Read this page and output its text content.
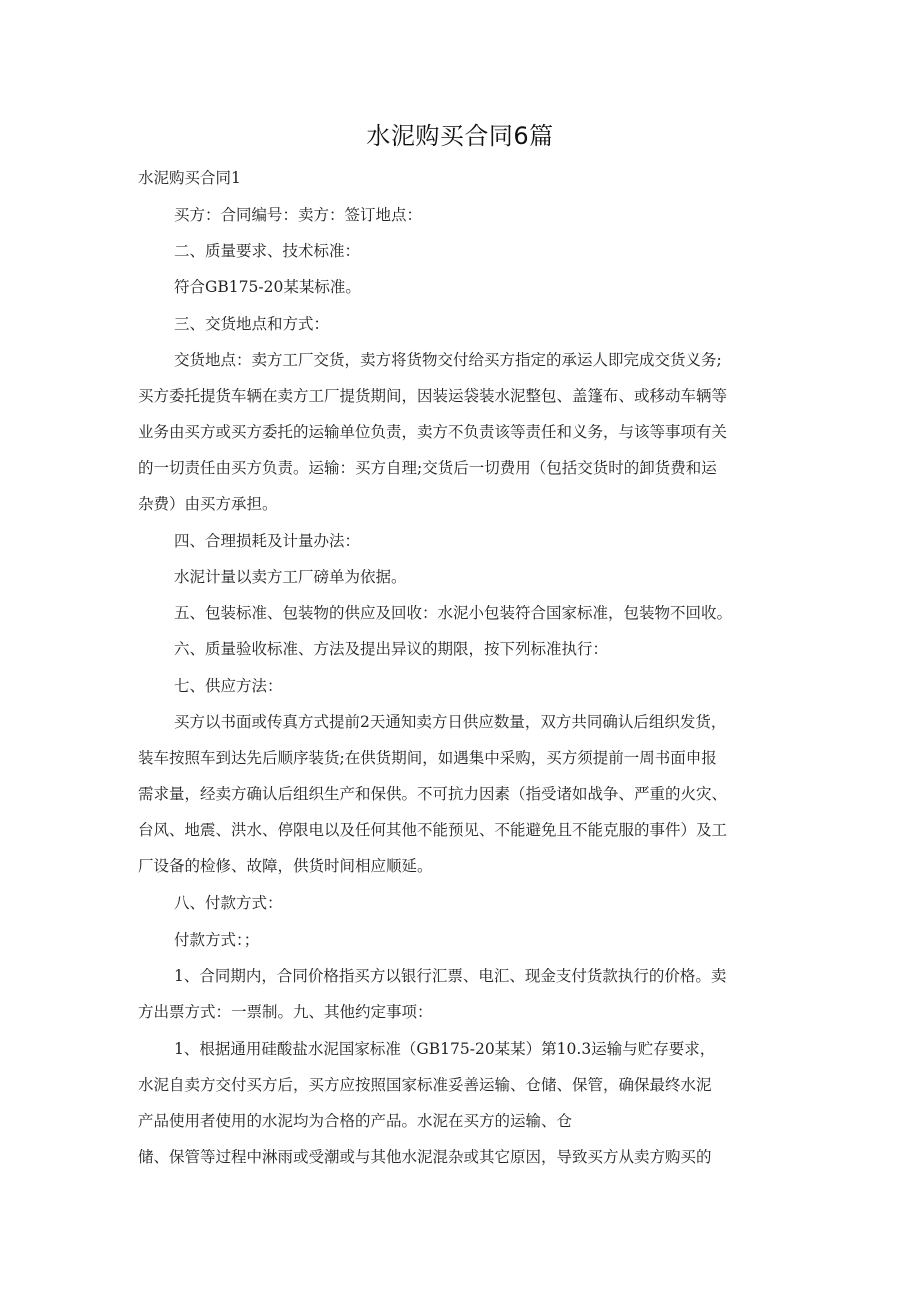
水泥购买合同6篇
水泥购买合同1
买方：合同编号：卖方：签订地点：
二、质量要求、技术标准：
符合GB175-20某某标准。
三、交货地点和方式：
交货地点：卖方工厂交货，卖方将货物交付给买方指定的承运人即完成交货义务;
买方委托提货车辆在卖方工厂提货期间，因装运袋装水泥整包、盖篷布、或移动车辆等
业务由买方或买方委托的运输单位负责，卖方不负责该等责任和义务，与该等事项有关
的一切责任由买方负责。运输：买方自理;交货后一切费用（包括交货时的卸货费和运
杂费）由买方承担。
四、合理损耗及计量办法：
水泥计量以卖方工厂磅单为依据。
五、包装标准、包装物的供应及回收：水泥小包装符合国家标准，包装物不回收。
六、质量验收标准、方法及提出异议的期限，按下列标准执行：
七、供应方法：
买方以书面或传真方式提前2天通知卖方日供应数量，双方共同确认后组织发货，
装车按照车到达先后顺序装货;在供货期间，如遇集中采购，买方须提前一周书面申报
需求量，经卖方确认后组织生产和保供。不可抗力因素（指受诸如战争、严重的火灾、
台风、地震、洪水、停限电以及任何其他不能预见、不能避免且不能克服的事件）及工
厂设备的检修、故障，供货时间相应顺延。
八、付款方式：
付款方式：；
1、合同期内，合同价格指买方以银行汇票、电汇、现金支付货款执行的价格。卖
方出票方式：一票制。九、其他约定事项：
1、根据通用硅酸盐水泥国家标准（GB175-20某某）第10.3运输与贮存要求，
水泥自卖方交付买方后，买方应按照国家标准妥善运输、仓储、保管，确保最终水泥
产品使用者使用的水泥均为合格的产品。水泥在买方的运输、仓
储、保管等过程中淋雨或受潮或与其他水泥混杂或其它原因，导致买方从卖方购买的
